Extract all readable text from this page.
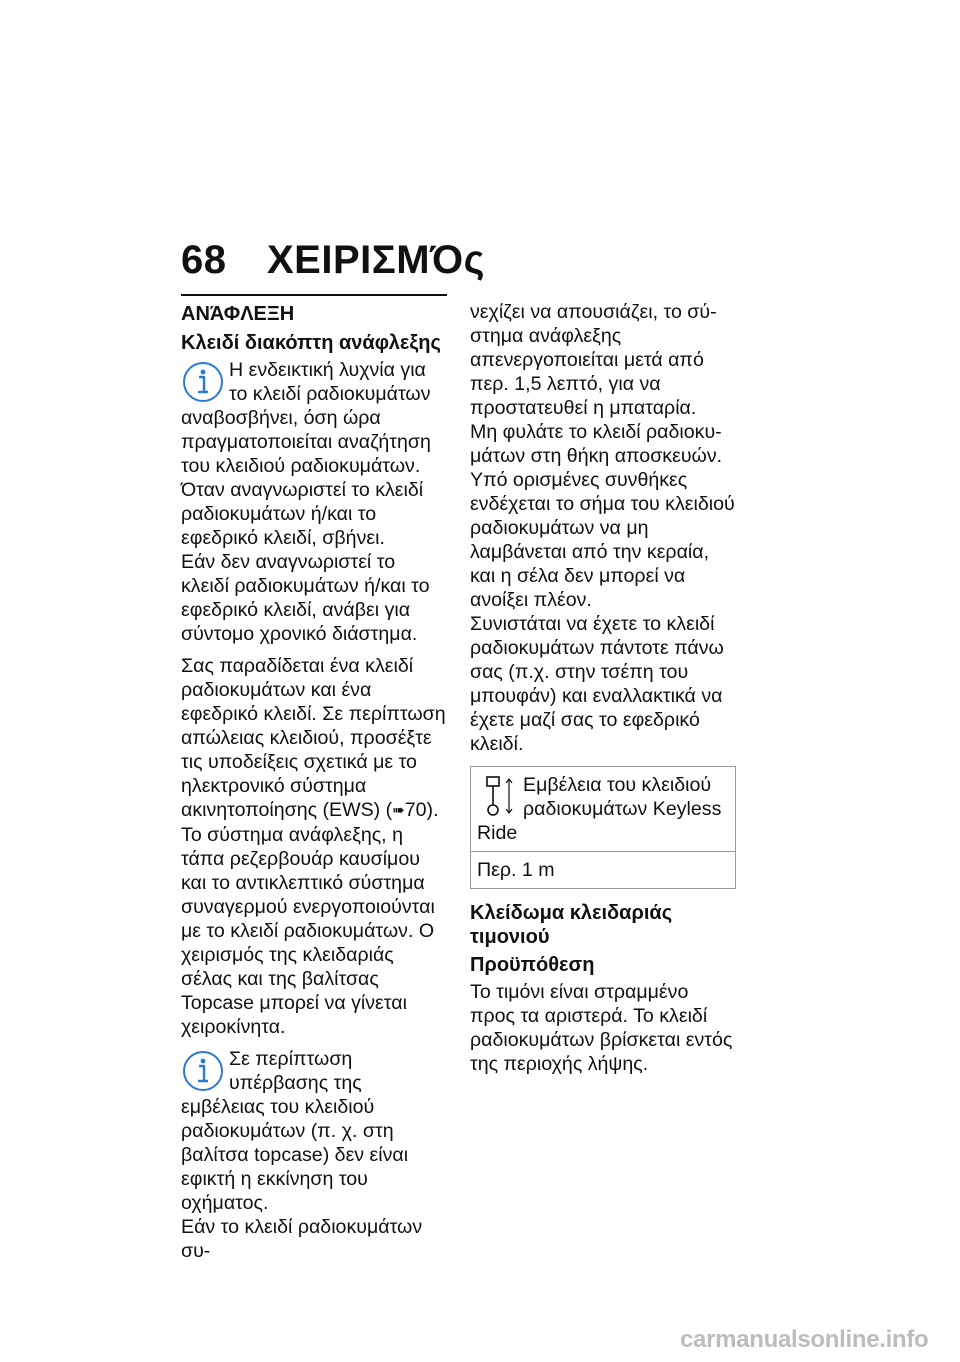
68	ΧΕΙΡΙΣΜΌς
ΑΝΆΦΛΕΞΗ
Κλειδί διακόπτη ανάφλεξης

Η ενδεικτική λυχνία για το κλειδί ραδιοκυμάτων αναβοσβήνει, όση ώρα πραγματοποιείται αναζήτηση του κλειδιού ραδιοκυμάτων.

Όταν αναγνωριστεί το κλειδί ραδιοκυμάτων ή/και το εφεδρικό κλειδί, σβήνει.

Εάν δεν αναγνωριστεί το κλειδί ραδιοκυμάτων ή/και το εφεδρικό κλειδί, ανάβει για σύντομο χρονικό διάστημα.

Σας παραδίδεται ένα κλειδί ραδιοκυμάτων και ένα εφεδρικό κλειδί. Σε περίπτωση απώλειας κλειδιού, προσέξτε τις υποδείξεις σχετικά με το ηλεκτρονικό σύστημα ακινητοποίησης (EWS) (➠70).

Το σύστημα ανάφλεξης, η τάπα ρεζερβουάρ καυσίμου και το αντικλεπτικό σύστημα συναγερμού ενεργοποιούνται με το κλειδί ραδιοκυμάτων. Ο χειρισμός της κλειδαριάς σέλας και της βαλίτσας Topcase μπορεί να γίνεται χειροκίνητα.

Σε περίπτωση υπέρβασης της εμβέλειας του κλειδιού ραδιοκυμάτων (π. χ. στη βαλίτσα topcase) δεν είναι εφικτή η εκκίνηση του οχήματος.

Εάν το κλειδί ραδιοκυμάτων συ-

νεχίζει να απουσιάζει, το σύστημα ανάφλεξης απενεργοποιείται μετά από περ. 1,5 λεπτό, για να προστατευθεί η μπαταρία.

Μη φυλάτε το κλειδί ραδιοκυμάτων στη θήκη αποσκευών.

Υπό ορισμένες συνθήκες ενδέχεται το σήμα του κλειδιού ραδιοκυμάτων να μη λαμβάνεται από την κεραία, και η σέλα δεν μπορεί να ανοίξει πλέον.

Συνιστάται να έχετε το κλειδί ραδιοκυμάτων πάντοτε πάνω σας (π.χ. στην τσέπη του μπουφάν) και εναλλακτικά να έχετε μαζί σας το εφεδρικό κλειδί.

Εμβέλεια του κλειδιού ραδιοκυμάτων Keyless Ride
Περ. 1 m
Κλείδωμα κλειδαριάς τιμονιού
Προϋπόθεση

Το τιμόνι είναι στραμμένο προς τα αριστερά. Το κλειδί ραδιοκυμάτων βρίσκεται εντός της περιοχής λήψης.

carmanualsonline.info
